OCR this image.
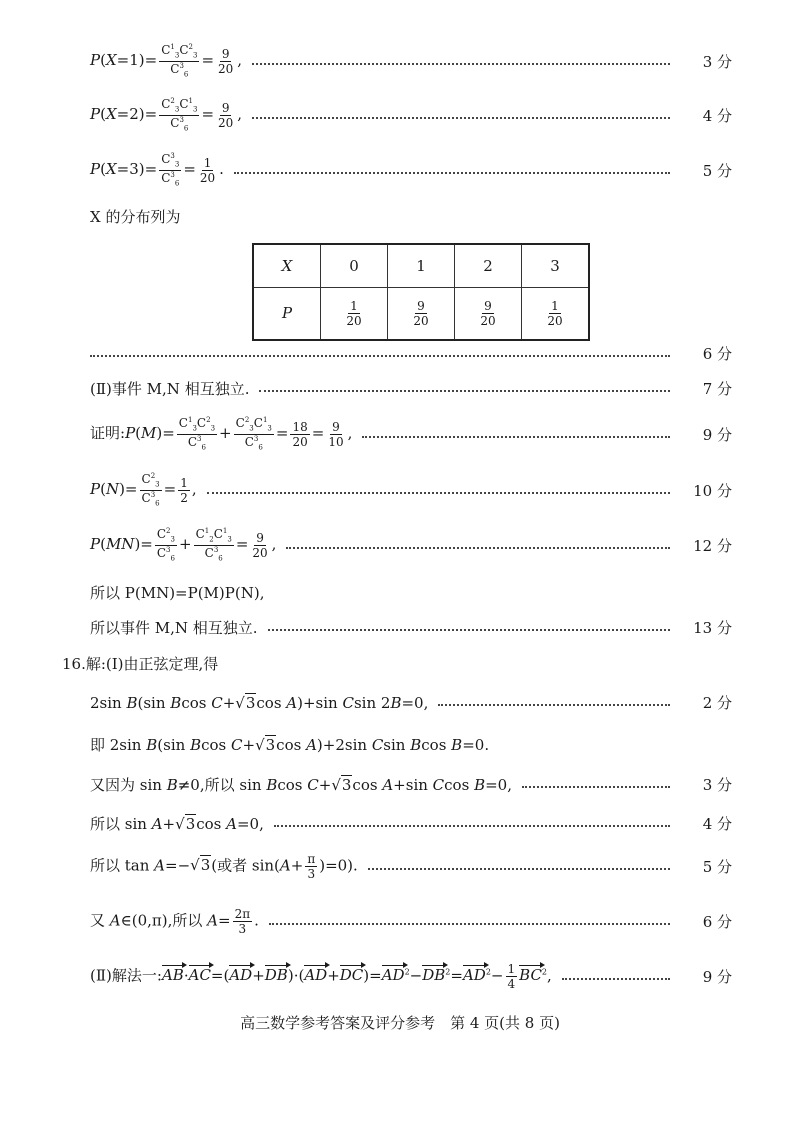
$P(X=1)= \frac{C^1_3C^2_3}{C^3_6} = \frac{9}{20}$ ,	3 分
$P(X=2)= \frac{C^2_3C^1_3}{C^3_6} = \frac{9}{20}$ ,	4 分
$P(X=3)= \frac{C^3_3}{C^3_6} = \frac{1}{20}$ .	5 分
X 的分布列为
X	0	1	2	3
P	$\frac{1}{20}$	$\frac{9}{20}$	$\frac{9}{20}$	$\frac{1}{20}$
6 分
(Ⅱ)事件 M,N 相互独立.	7 分
证明:P(M)= $\frac{C^1_3C^2_3}{C^3_6} + \frac{C^2_3C^1_3}{C^3_6} = \frac{18}{20} = \frac{9}{10}$ ,	9 分
$P(N)= \frac{C^2_3}{C^3_6} = \frac{1}{2}$ ,	10 分
$P(MN)= \frac{C^2_3}{C^3_6} + \frac{C^1_2C^1_3}{C^3_6} = \frac{9}{20}$ ,	12 分
所以 P(MN)=P(M)P(N),
所以事件 M,N 相互独立.	13 分
16.解:(Ⅰ)由正弦定理,得
2sin B(sin Bcos C+ √ 3cos A)+sin Csin 2B=0,	2 分
即 2sin B(sin Bcos C+ √ 3cos A)+2sin Csin Bcos B=0.
又因为 sin B≠0,所以 sin Bcos C+ √ 3cos A+sin Ccos B=0,	3 分
所以 sin A+ √ 3cos A=0,	4 分
所以 tan A=− √ 3(或者 $\sin(A+ \frac{\pi}{3} )=0$).	5 分
又 A∈(0,π),所以 $A= \frac{2\pi}{3}$ .	6 分
(Ⅱ)解法一$:AB\cdot AC=(AD+DB)\cdot(AD+DC)=AD^2-DB^2=AD^2- \frac{1}{4} BC^2$,	9 分
高三数学参考答案及评分参考　第 4 页(共 8 页)
